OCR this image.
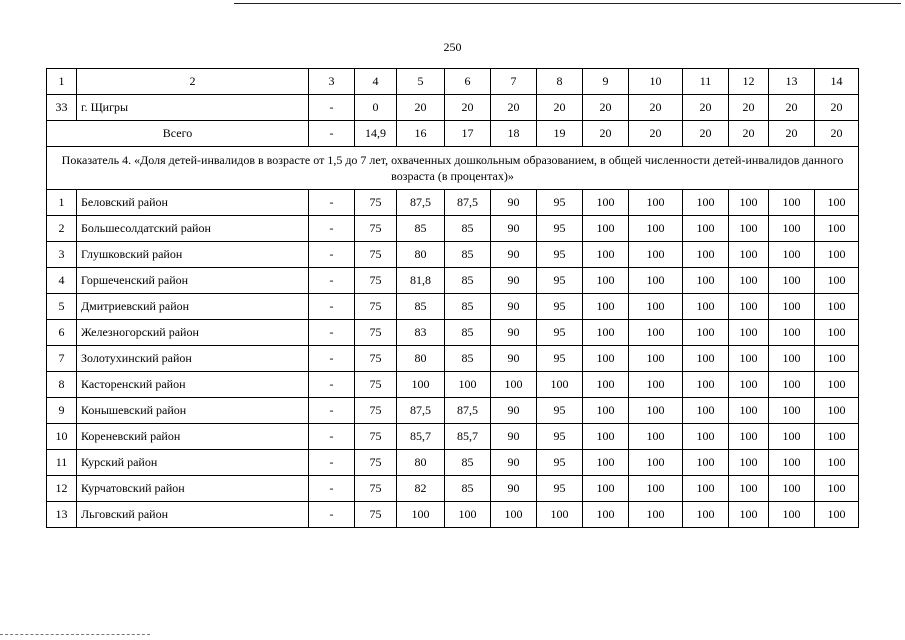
250
1	2	3	4	5	6	7	8	9	10	11	12	13	14
33	г. Щигры	-	0	20	20	20	20	20	20	20	20	20	20
Всего		-	14,9	16	17	18	19	20	20	20	20	20	20
Показатель 4. «Доля детей-инвалидов в возрасте от 1,5 до 7 лет, охваченных дошкольным образованием, в общей численности детей-инвалидов данного возраста (в процентах)»													
1	Беловский район	-	75	87,5	87,5	90	95	100	100	100	100	100	100
2	Большесолдатский район	-	75	85	85	90	95	100	100	100	100	100	100
3	Глушковский район	-	75	80	85	90	95	100	100	100	100	100	100
4	Горшеченский район	-	75	81,8	85	90	95	100	100	100	100	100	100
5	Дмитриевский район	-	75	85	85	90	95	100	100	100	100	100	100
6	Железногорский район	-	75	83	85	90	95	100	100	100	100	100	100
7	Золотухинский район	-	75	80	85	90	95	100	100	100	100	100	100
8	Касторенский район	-	75	100	100	100	100	100	100	100	100	100	100
9	Конышевский район	-	75	87,5	87,5	90	95	100	100	100	100	100	100
10	Кореневский район	-	75	85,7	85,7	90	95	100	100	100	100	100	100
11	Курский район	-	75	80	85	90	95	100	100	100	100	100	100
12	Курчатовский район	-	75	82	85	90	95	100	100	100	100	100	100
13	Льговский район	-	75	100	100	100	100	100	100	100	100	100	100
